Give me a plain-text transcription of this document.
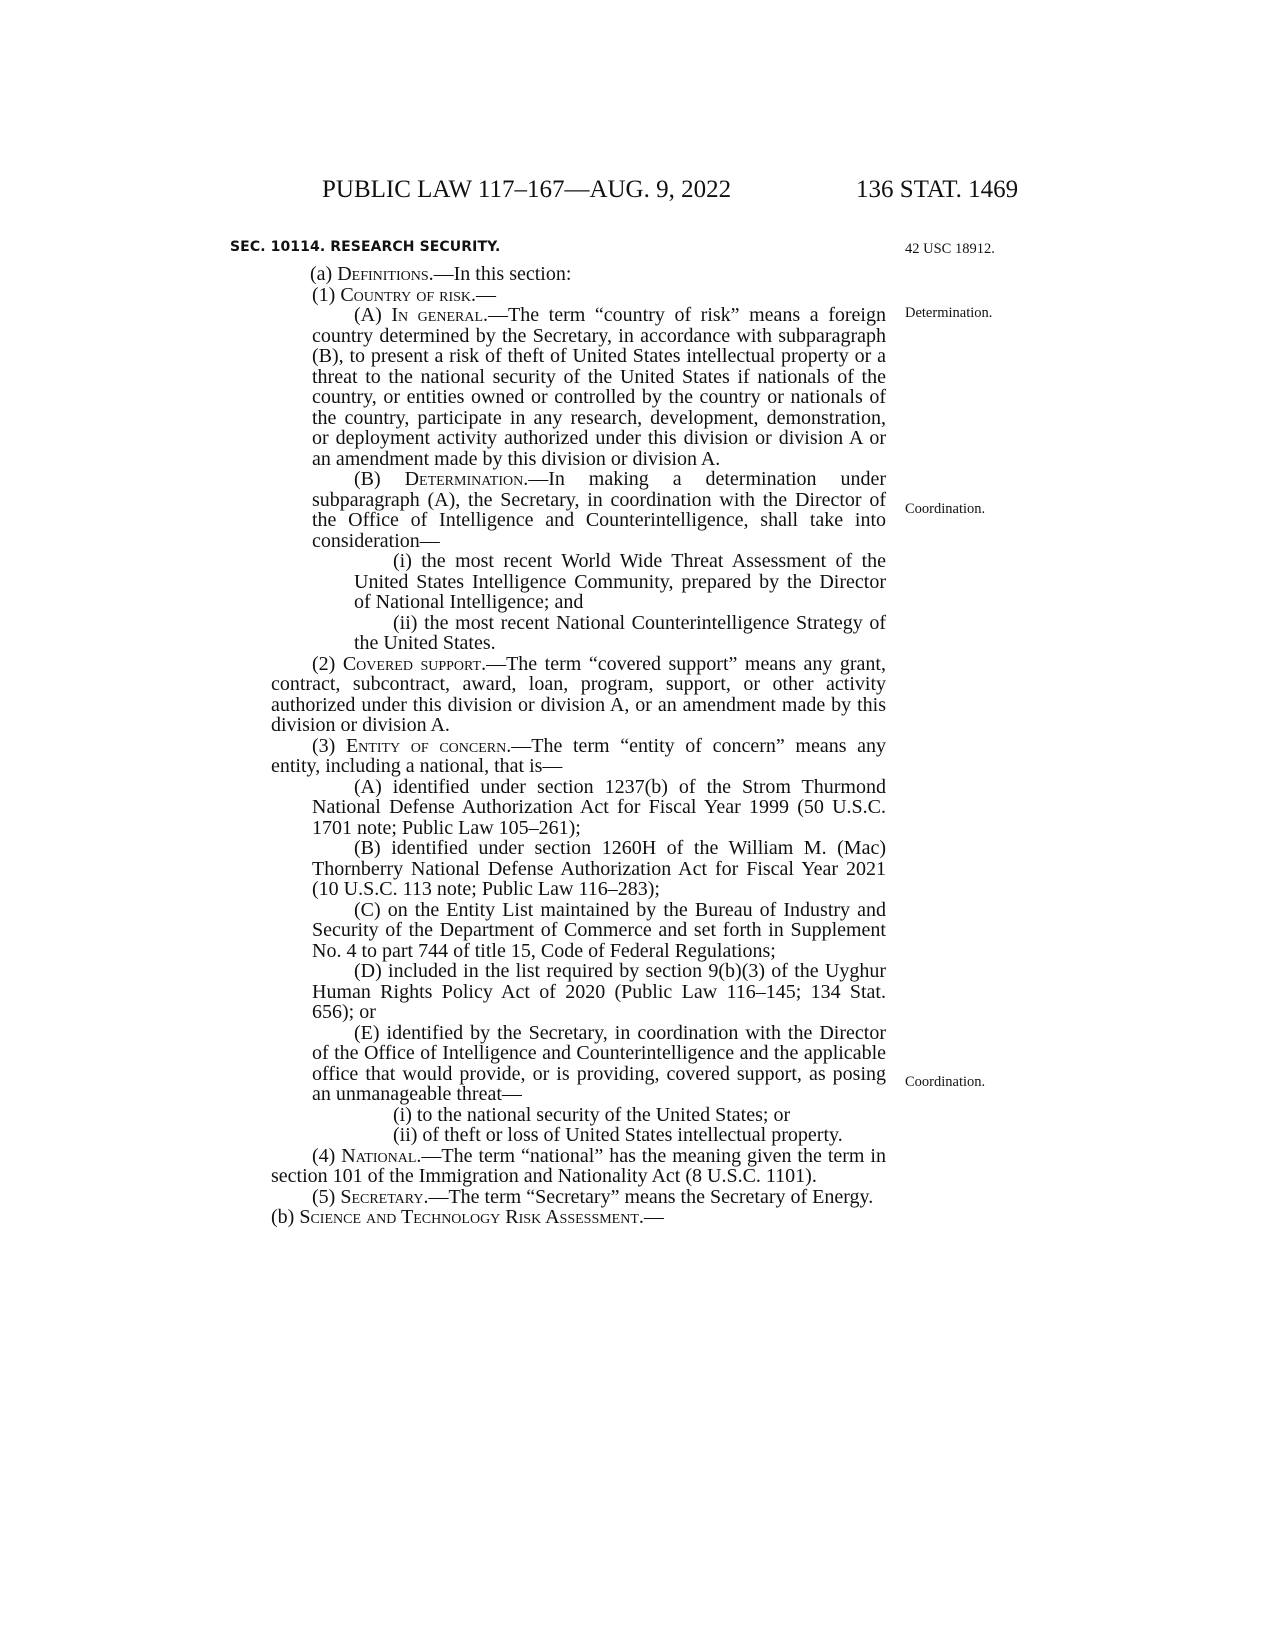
PUBLIC LAW 117–167—AUG. 9, 2022	136 STAT. 1469
SEC. 10114. RESEARCH SECURITY.	42 USC 18912.
Determination.
Coordination.
Coordination.

(a) Definitions.—In this section:

(1) Country of risk.—

(A) In general.—The term “country of risk” means a foreign country determined by the Secretary, in accordance with subparagraph (B), to present a risk of theft of United States intellectual property or a threat to the national security of the United States if nationals of the country, or entities owned or controlled by the country or nationals of the country, participate in any research, development, demonstration, or deployment activity authorized under this division or division A or an amendment made by this division or division A.

(B) Determination.—In making a determination under subparagraph (A), the Secretary, in coordination with the Director of the Office of Intelligence and Counterintelligence, shall take into consideration—

(i) the most recent World Wide Threat Assessment of the United States Intelligence Community, prepared by the Director of National Intelligence; and

(ii) the most recent National Counterintelligence Strategy of the United States.

(2) Covered support.—The term “covered support” means any grant, contract, subcontract, award, loan, program, support, or other activity authorized under this division or division A, or an amendment made by this division or division A.

(3) Entity of concern.—The term “entity of concern” means any entity, including a national, that is—

(A) identified under section 1237(b) of the Strom Thurmond National Defense Authorization Act for Fiscal Year 1999 (50 U.S.C. 1701 note; Public Law 105–261);

(B) identified under section 1260H of the William M. (Mac) Thornberry National Defense Authorization Act for Fiscal Year 2021 (10 U.S.C. 113 note; Public Law 116–283);

(C) on the Entity List maintained by the Bureau of Industry and Security of the Department of Commerce and set forth in Supplement No. 4 to part 744 of title 15, Code of Federal Regulations;

(D) included in the list required by section 9(b)(3) of the Uyghur Human Rights Policy Act of 2020 (Public Law 116–145; 134 Stat. 656); or

(E) identified by the Secretary, in coordination with the Director of the Office of Intelligence and Counterintelligence and the applicable office that would provide, or is providing, covered support, as posing an unmanageable threat—

(i) to the national security of the United States; or

(ii) of theft or loss of United States intellectual property.

(4) National.—The term “national” has the meaning given the term in section 101 of the Immigration and Nationality Act (8 U.S.C. 1101).

(5) Secretary.—The term “Secretary” means the Secretary of Energy.

(b) Science and Technology Risk Assessment.—
